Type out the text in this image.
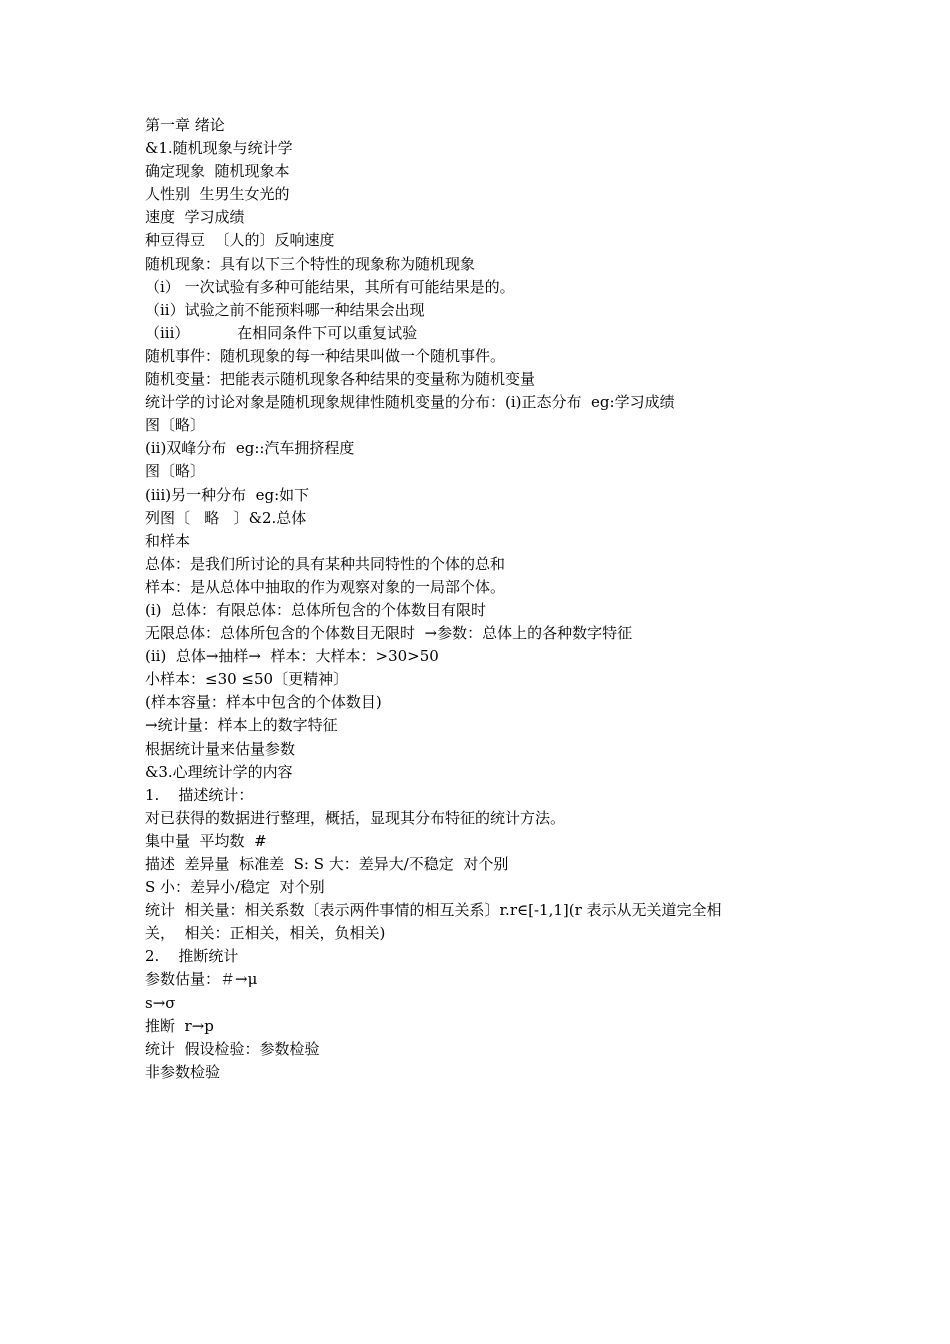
第一章 绪论

&1.随机现象与统计学

确定现象  随机现象本

人性别  生男生女光的

速度  学习成绩

种豆得豆  〔人的〕反响速度

随机现象：具有以下三个特性的现象称为随机现象

（i） 一次试验有多种可能结果，其所有可能结果是的。

（ii）试验之前不能预料哪一种结果会出现

（iii）          在相同条件下可以重复试验

随机事件：随机现象的每一种结果叫做一个随机事件。

随机变量：把能表示随机现象各种结果的变量称为随机变量

统计学的讨论对象是随机现象规律性随机变量的分布：(i)正态分布  eg:学习成绩

图〔略〕

(ii)双峰分布  eg::汽车拥挤程度

图〔略〕

(iii)另一种分布  eg:如下

列图〔   略   〕&2.总体

和样本

总体：是我们所讨论的具有某种共同特性的个体的总和

样本：是从总体中抽取的作为观察对象的一局部个体。

(i)  总体：有限总体：总体所包含的个体数目有限时

无限总体：总体所包含的个体数目无限时  →参数：总体上的各种数字特征

(ii)  总体→抽样→  样本：大样本：>30>50

小样本：≤30 ≤50〔更精神〕

(样本容量：样本中包含的个体数目)

→统计量：样本上的数字特征

根据统计量来估量参数

&3.心理统计学的内容

1.    描述统计：

对已获得的数据进行整理，概括，显现其分布特征的统计方法。

集中量  平均数  #

描述  差异量  标准差  S: S 大：差异大/不稳定  对个别

S 小：差异小/稳定  对个别

统计  相关量：相关系数〔表示两件事情的相互关系〕r.r∈[-1,1](r 表示从无关道完全相

关，  相关：正相关，相关，负相关)

2.    推断统计

参数估量：＃→μ

s→σ

推断  r→p

统计  假设检验：参数检验

非参数检验
